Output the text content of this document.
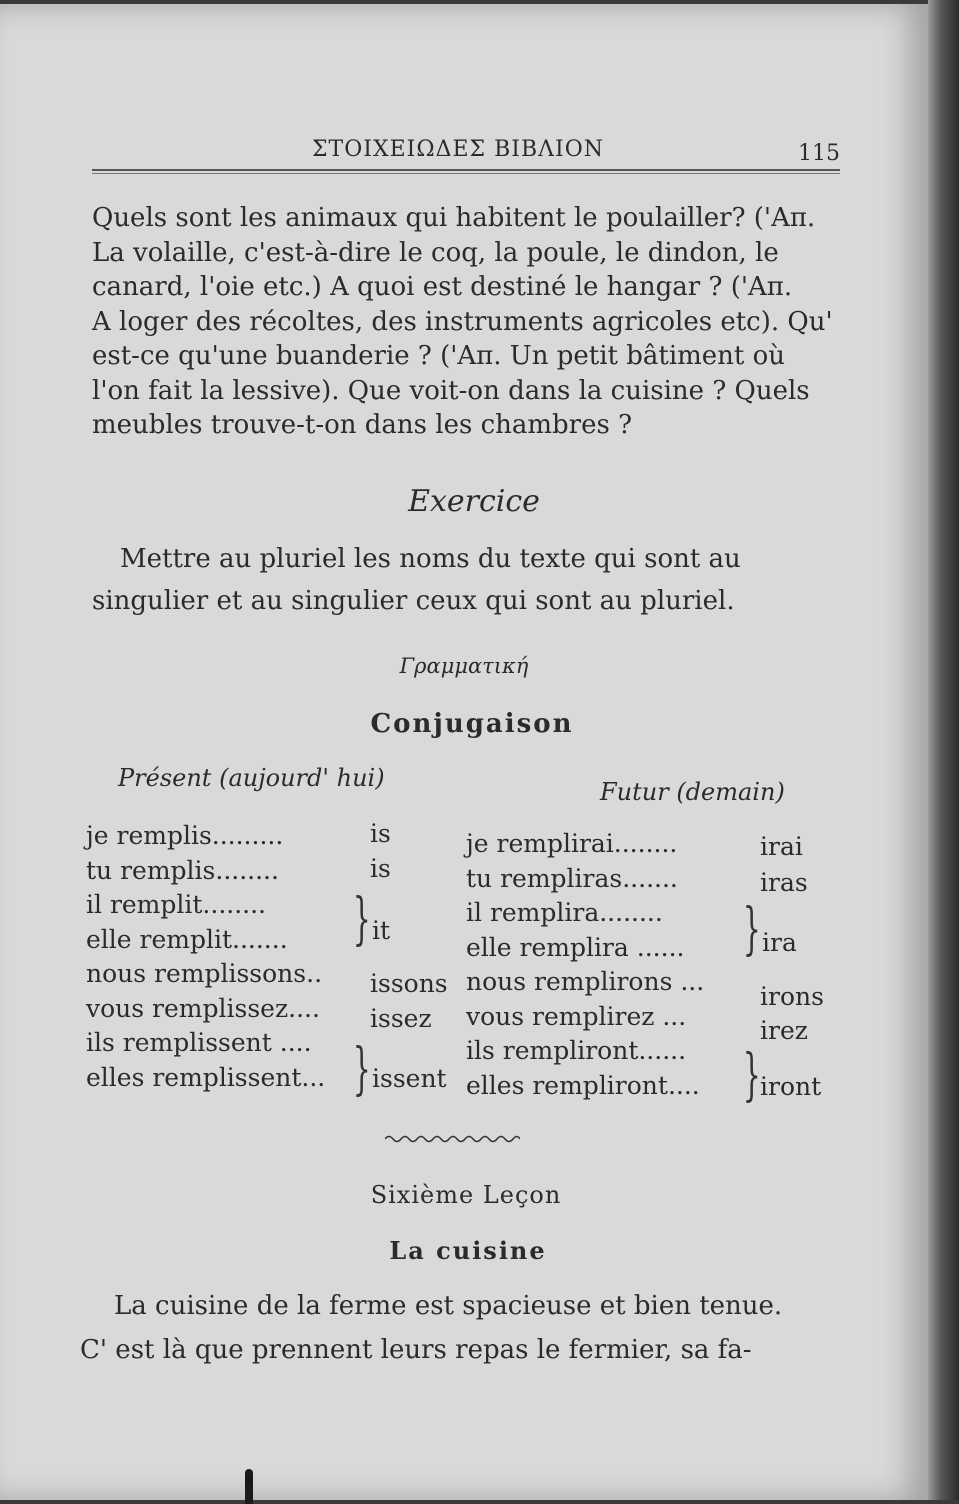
ΣΤΟΙΧΕΙΩΔΕΣ ΒΙΒΛΙΟΝ	115
Quels sont les animaux qui habitent le poulailler? ('Απ.
La volaille, c'est-à-dire le coq, la poule, le dindon, le
canard, l'oie etc.) A quoi est destiné le hangar ? ('Απ.
A loger des récoltes, des instruments agricoles etc). Qu'
est-ce qu'une buanderie ? ('Απ. Un petit bâtiment où
l'on fait la lessive). Que voit-on dans la cuisine ? Quels
meubles trouve-t-on dans les chambres ?
Exercice
Mettre au pluriel les noms du texte qui sont au singulier et au singulier ceux qui sont au pluriel.
Γραμματική
Conjugaison
Présent (aujourd' hui)	Futur (demain)
je remplis.........
tu remplis........
il remplit........
elle remplit.......
nous remplissons..
vous remplissez....
ils remplissent ....
elles remplissent...
is
is
} it
issons
issez
} issent
je remplirai........
tu rempliras.......
il remplira........
elle remplira ......
nous remplirons ...
vous remplirez ...
ils rempliront......
elles rempliront....
irai
iras
} ira
irons
irez
} iront
Sixième Leçon
La cuisine
La cuisine de la ferme est spacieuse et bien tenue.
C' est là que prennent leurs repas le fermier, sa fa-
